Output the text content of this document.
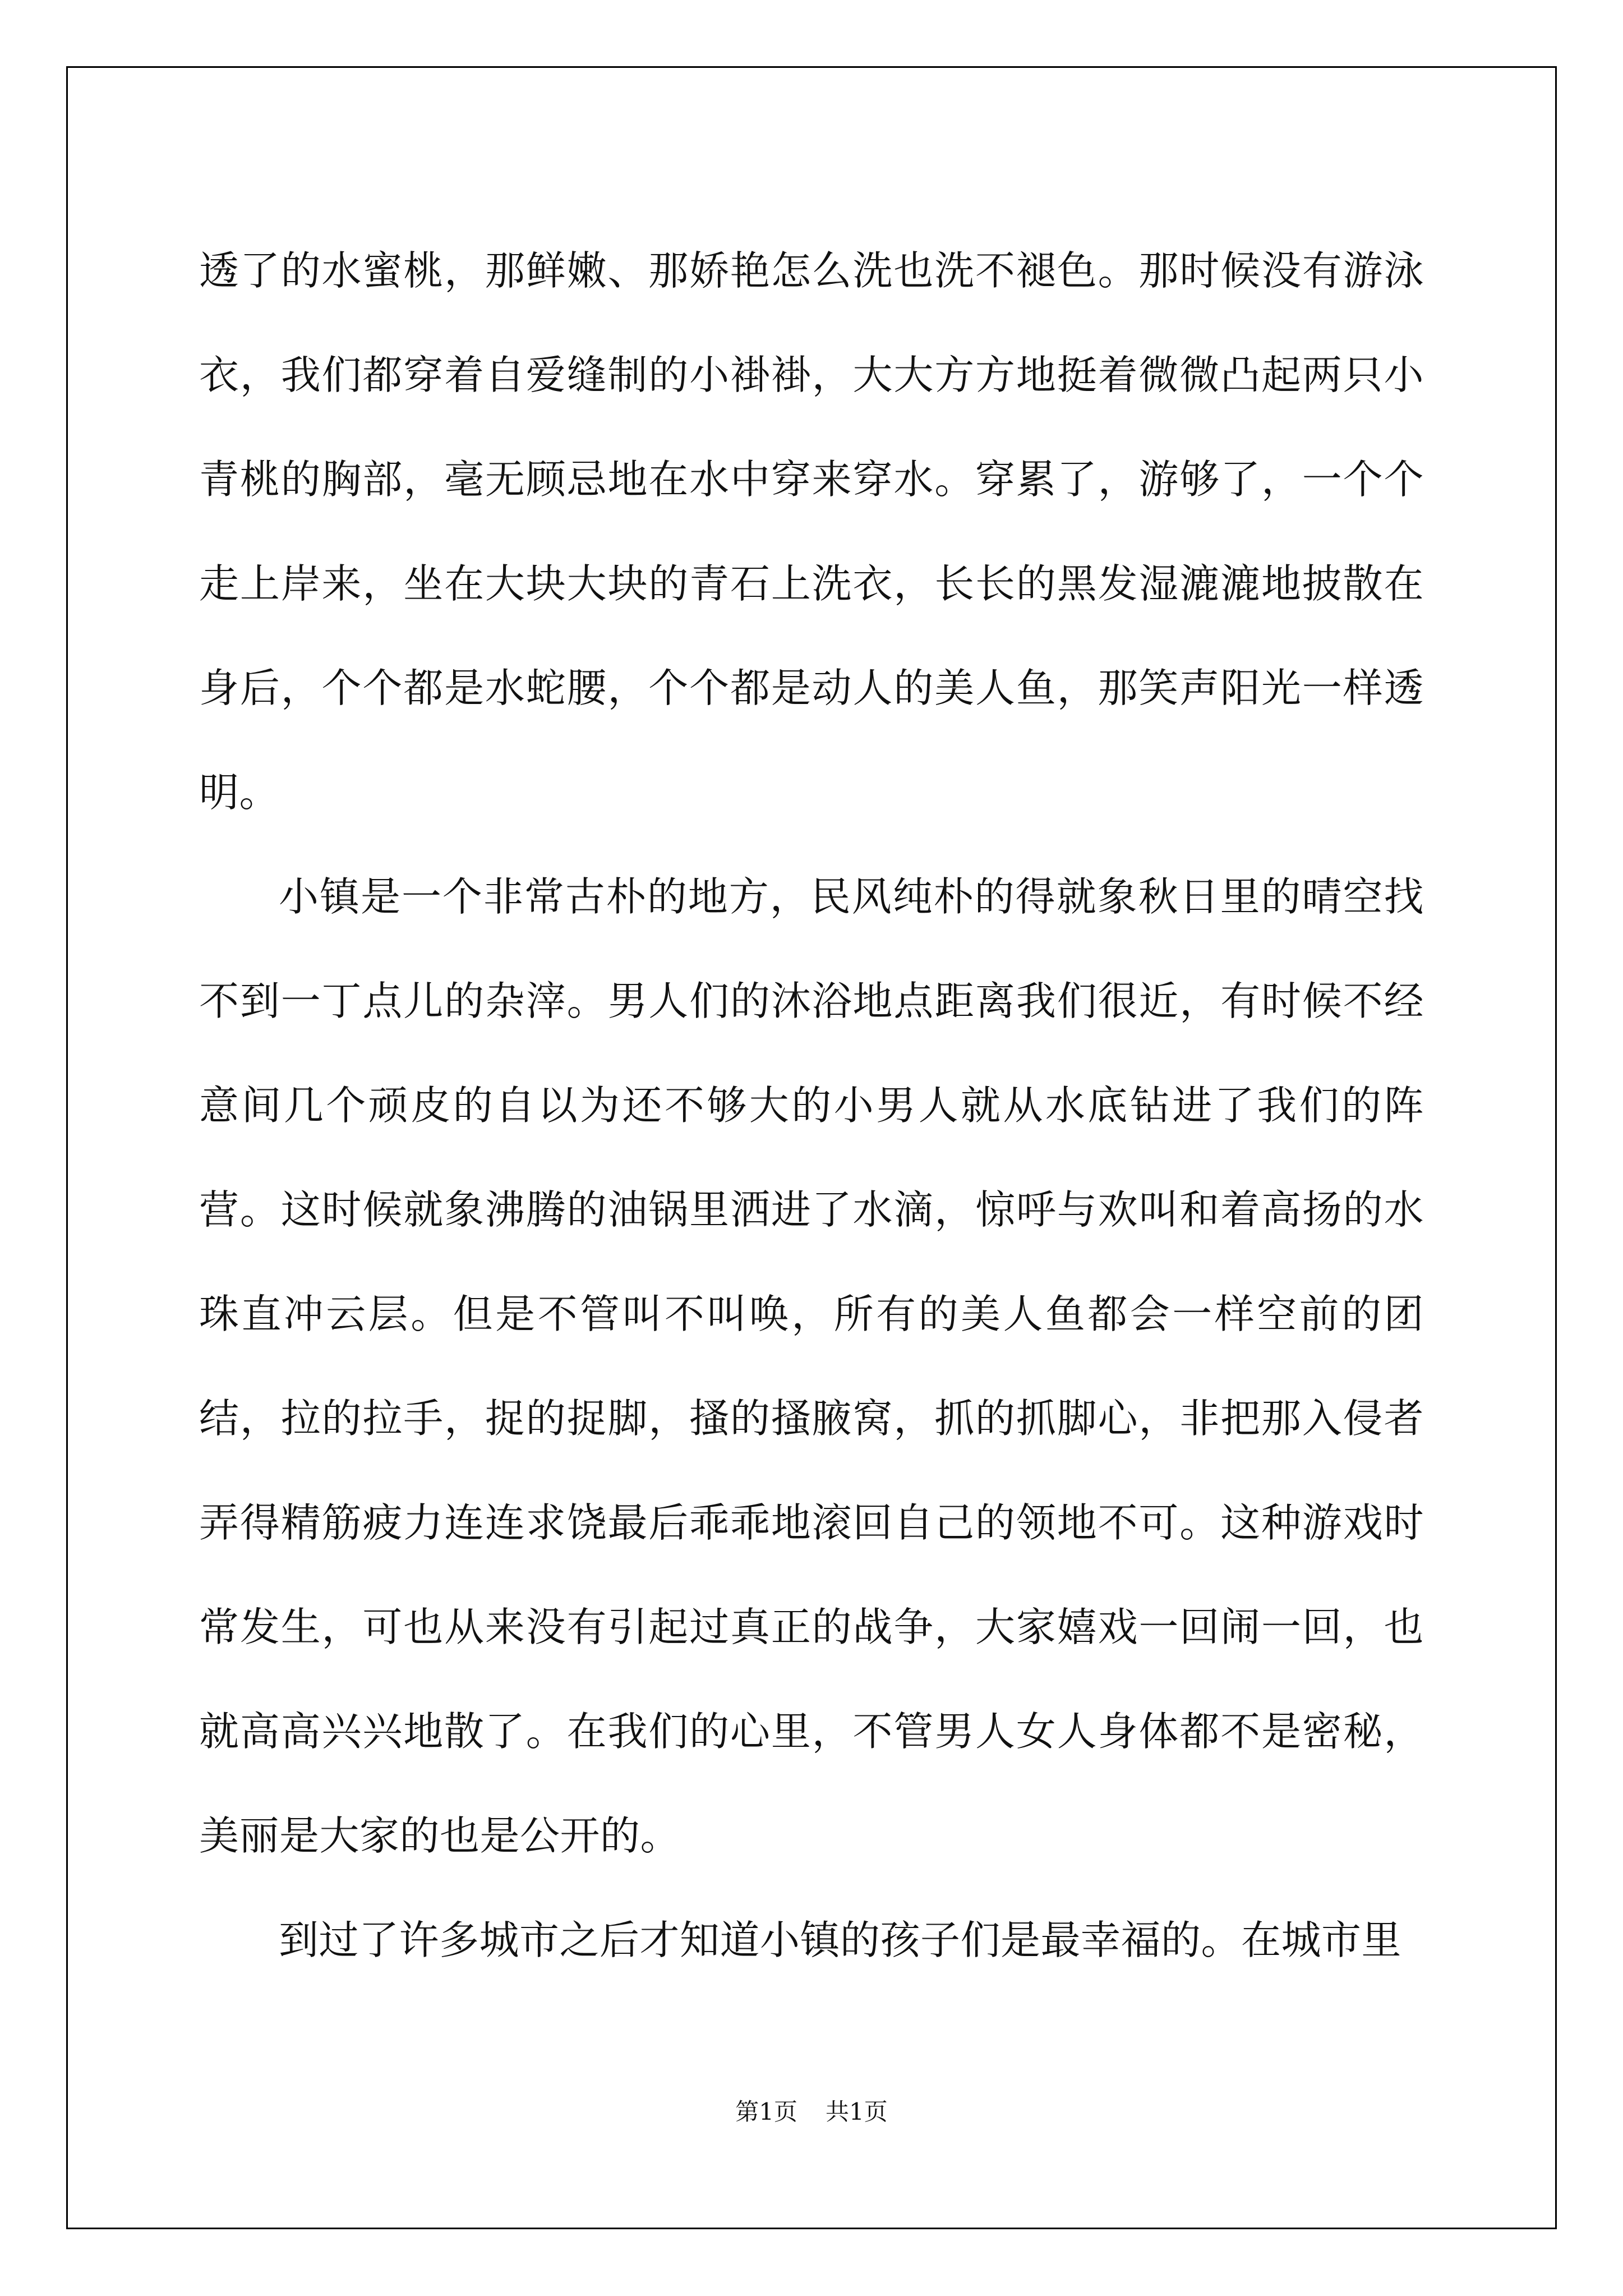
透了的水蜜桃，那鲜嫩、那娇艳怎么洗也洗不褪色。那时候没有游泳衣，我们都穿着自爱缝制的小褂褂，大大方方地挺着微微凸起两只小青桃的胸部，毫无顾忌地在水中穿来穿水。穿累了，游够了，一个个走上岸来，坐在大块大块的青石上洗衣，长长的黑发湿漉漉地披散在身后，个个都是水蛇腰，个个都是动人的美人鱼，那笑声阳光一样透明。

小镇是一个非常古朴的地方，民风纯朴的得就象秋日里的晴空找不到一丁点儿的杂滓。男人们的沐浴地点距离我们很近，有时候不经意间几个顽皮的自以为还不够大的小男人就从水底钻进了我们的阵营。这时候就象沸腾的油锅里洒进了水滴，惊呼与欢叫和着高扬的水珠直冲云层。但是不管叫不叫唤，所有的美人鱼都会一样空前的团结，拉的拉手，捉的捉脚，搔的搔腋窝，抓的抓脚心，非把那入侵者弄得精筋疲力连连求饶最后乖乖地滚回自己的领地不可。这种游戏时常发生，可也从来没有引起过真正的战争，大家嬉戏一回闹一回，也就高高兴兴地散了。在我们的心里，不管男人女人身体都不是密秘，美丽是大家的也是公开的。

到过了许多城市之后才知道小镇的孩子们是最幸福的。在城市里

第1页 共1页
